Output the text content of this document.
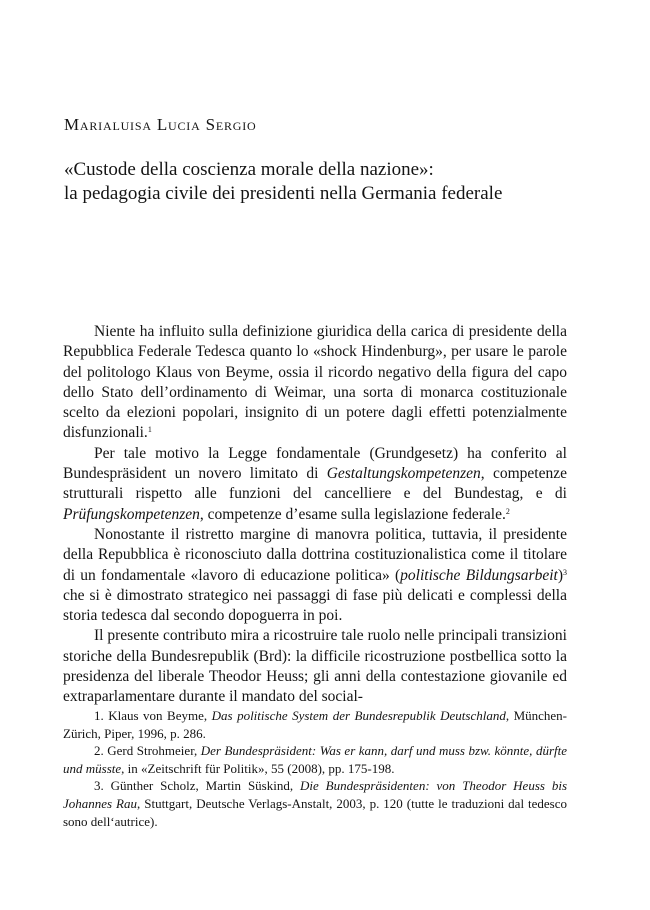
Marialuisa Lucia Sergio
«Custode della coscienza morale della nazione»:
la pedagogia civile dei presidenti nella Germania federale

Niente ha influito sulla definizione giuridica della carica di presidente della Repubblica Federale Tedesca quanto lo «shock Hindenburg», per usare le parole del politologo Klaus von Beyme, ossia il ricordo negativo della figura del capo dello Stato dell’ordinamento di Weimar, una sorta di monarca costituzionale scelto da elezioni popolari, insignito di un potere dagli effetti potenzialmente disfunzionali.$^1$

Per tale motivo la Legge fondamentale (Grundgesetz) ha conferito al Bundespräsident un novero limitato di Gestaltungskompetenzen, competenze strutturali rispetto alle funzioni del cancelliere e del Bundestag, e di Prüfungskompetenzen, competenze d’esame sulla legislazione federale.$^2$

Nonostante il ristretto margine di manovra politica, tuttavia, il presidente della Repubblica è riconosciuto dalla dottrina costituzionalistica come il titolare di un fondamentale «lavoro di educazione politica» (politische Bildungsarbeit)$^3$ che si è dimostrato strategico nei passaggi di fase più delicati e complessi della storia tedesca dal secondo dopoguerra in poi.

Il presente contributo mira a ricostruire tale ruolo nelle principali transizioni storiche della Bundesrepublik (Brd): la difficile ricostruzione postbellica sotto la presidenza del liberale Theodor Heuss; gli anni della contestazione giovanile ed extraparlamentare durante il mandato del social-

1. Klaus von Beyme, Das politische System der Bundesrepublik Deutschland, München- Zürich, Piper, 1996, p. 286.

2. Gerd Strohmeier, Der Bundespräsident: Was er kann, darf und muss bzw. könnte, dürfte und müsste, in «Zeitschrift für Politik», 55 (2008), pp. 175-198.

3. Günther Scholz, Martin Süskind, Die Bundespräsidenten: von Theodor Heuss bis Johannes Rau, Stuttgart, Deutsche Verlags-Anstalt, 2003, p. 120 (tutte le traduzioni dal tedesco sono dell‘autrice).
